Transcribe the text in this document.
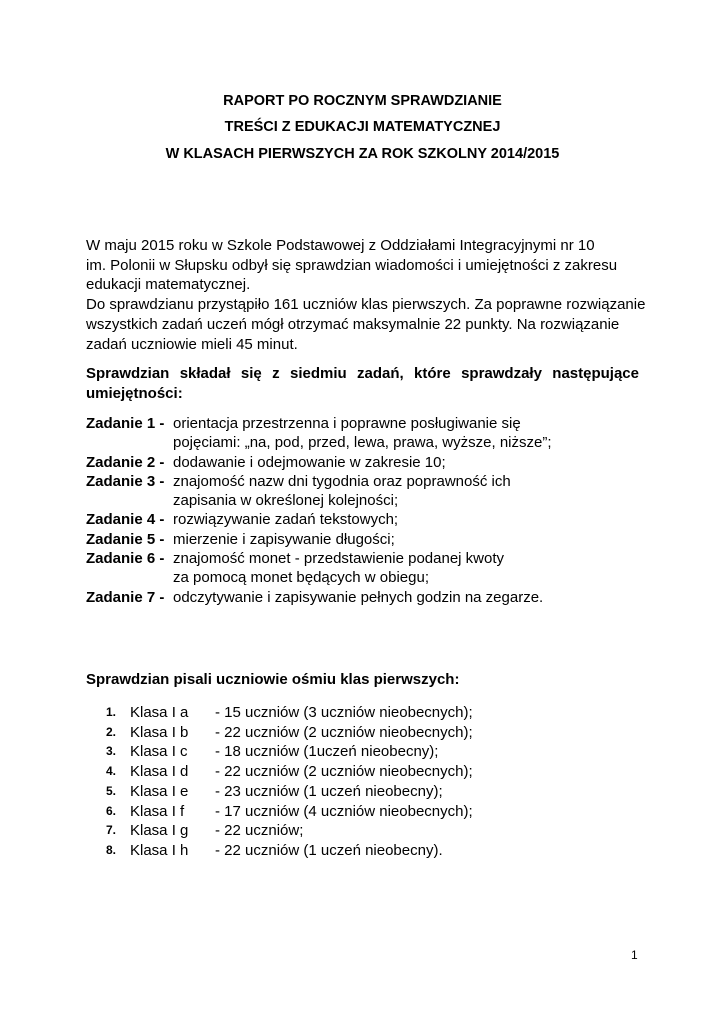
RAPORT PO ROCZNYM SPRAWDZIANIE
TREŚCI Z EDUKACJI MATEMATYCZNEJ
W KLASACH PIERWSZYCH ZA ROK SZKOLNY 2014/2015
W maju 2015 roku w Szkole Podstawowej z Oddziałami Integracyjnymi nr 10
im. Polonii w Słupsku odbył się sprawdzian wiadomości i umiejętności z zakresu
edukacji matematycznej.
Do sprawdzianu przystąpiło 161 uczniów klas pierwszych. Za poprawne rozwiązanie
wszystkich zadań uczeń mógł otrzymać maksymalnie 22 punkty. Na rozwiązanie
zadań uczniowie mieli 45 minut.
Sprawdzian składał się z siedmiu zadań, które sprawdzały następujące
umiejętności:
Zadanie 1 - orientacja przestrzenna i poprawne posługiwanie się
pojęciami: „na, pod, przed, lewa, prawa, wyższe, niższe”;
Zadanie 2 - dodawanie i odejmowanie w zakresie 10;
Zadanie 3 - znajomość nazw dni tygodnia oraz poprawność ich
zapisania w określonej kolejności;
Zadanie 4 - rozwiązywanie zadań tekstowych;
Zadanie 5 - mierzenie i zapisywanie długości;
Zadanie 6 - znajomość monet - przedstawienie podanej kwoty
za pomocą monet będących w obiegu;
Zadanie 7 - odczytywanie i zapisywanie pełnych godzin na zegarze.
Sprawdzian pisali uczniowie ośmiu klas pierwszych:
1. Klasa I a	- 15 uczniów (3 uczniów nieobecnych);
2. Klasa I b	- 22 uczniów (2 uczniów nieobecnych);
3. Klasa I c	- 18 uczniów (1uczeń nieobecny);
4. Klasa I d	- 22 uczniów (2 uczniów nieobecnych);
5. Klasa I e	- 23 uczniów (1 uczeń nieobecny);
6. Klasa I f	- 17 uczniów (4 uczniów nieobecnych);
7. Klasa I g	- 22 uczniów;
8. Klasa I h	- 22 uczniów (1 uczeń nieobecny).
1
